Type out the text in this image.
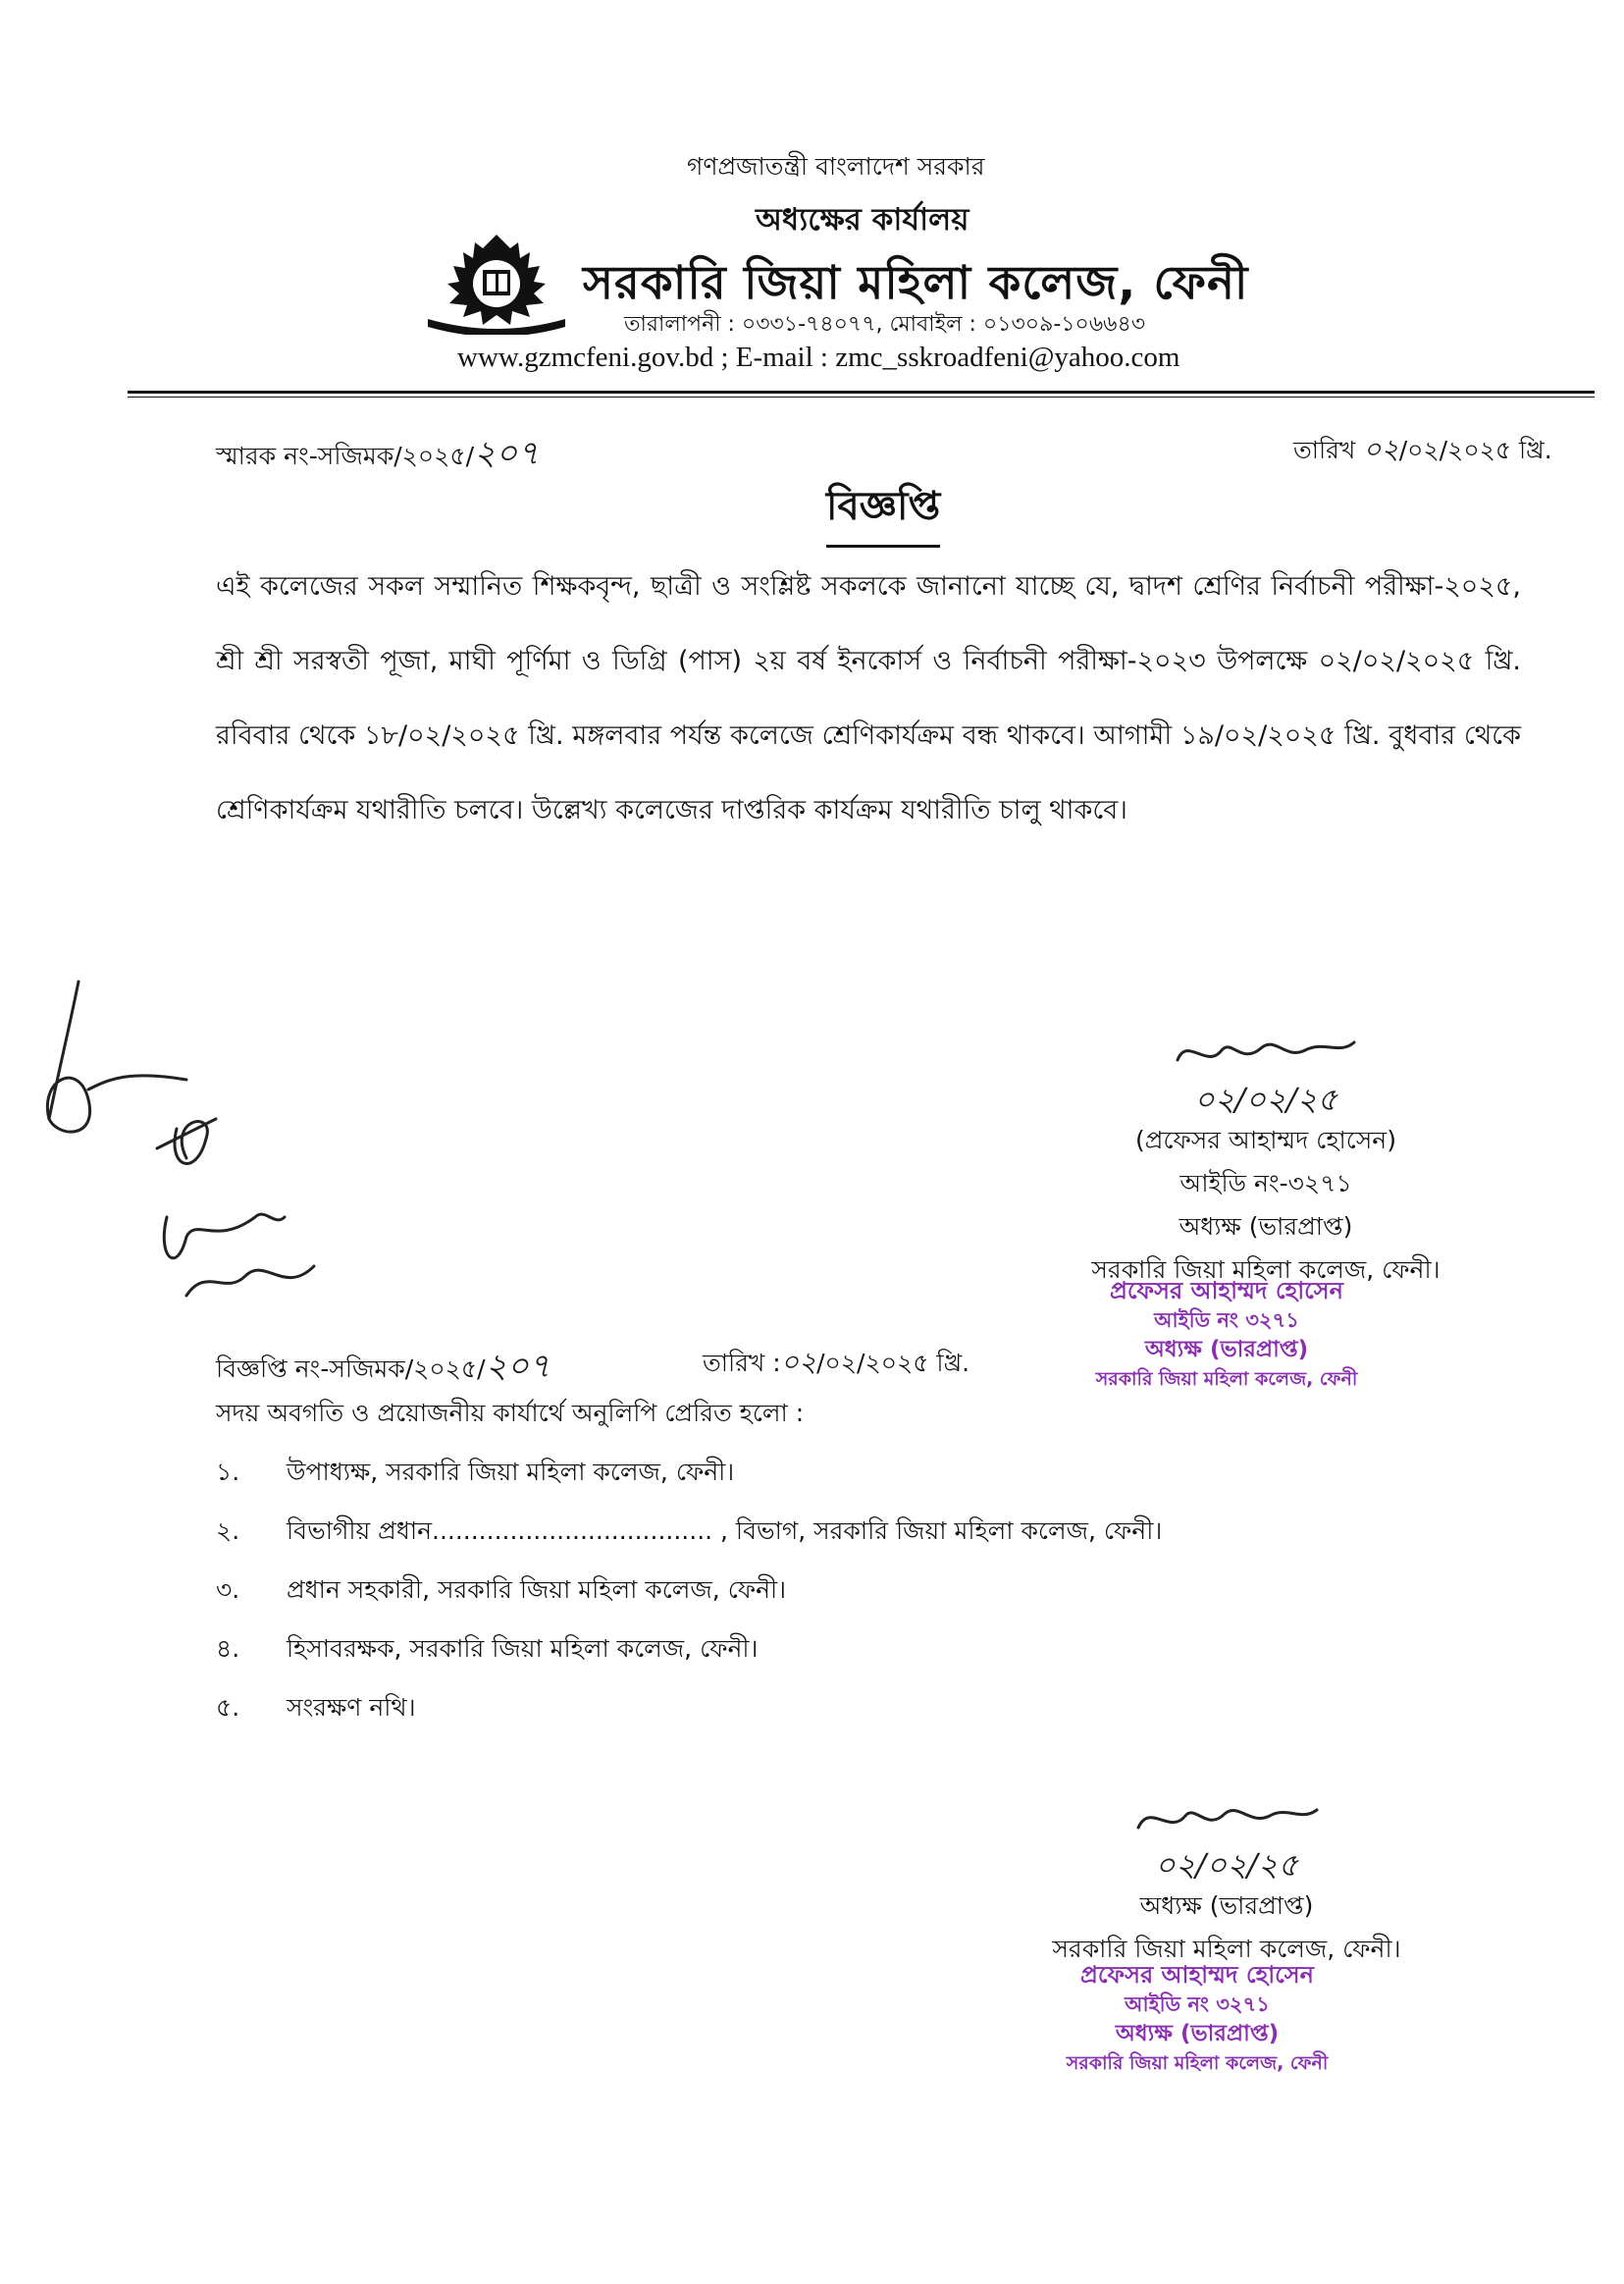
গণপ্রজাতন্ত্রী বাংলাদেশ সরকার
অধ্যক্ষের কার্যালয়
সরকারি জিয়া মহিলা কলেজ, ফেনী
তারালাপনী : ০৩৩১-৭৪০৭৭, মোবাইল : ০১৩০৯-১০৬৬৪৩
www.gzmcfeni.gov.bd ; E-mail : zmc_sskroadfeni@yahoo.com
স্মারক নং-সজিমক/২০২৫/২০৭	তারিখ ০২/০২/২০২৫ খ্রি.
বিজ্ঞপ্তি
এই কলেজের সকল সম্মানিত শিক্ষকবৃন্দ, ছাত্রী ও সংশ্লিষ্ট সকলকে জানানো যাচ্ছে যে, দ্বাদশ শ্রেণির নির্বাচনী পরীক্ষা-২০২৫, শ্রী শ্রী সরস্বতী পূজা, মাঘী পূর্ণিমা ও ডিগ্রি (পাস) ২য় বর্ষ ইনকোর্স ও নির্বাচনী পরীক্ষা-২০২৩ উপলক্ষে ০২/০২/২০২৫ খ্রি. রবিবার থেকে ১৮/০২/২০২৫ খ্রি. মঙ্গলবার পর্যন্ত কলেজে শ্রেণিকার্যক্রম বন্ধ থাকবে। আগামী ১৯/০২/২০২৫ খ্রি. বুধবার থেকে শ্রেণিকার্যক্রম যথারীতি চলবে। উল্লেখ্য কলেজের দাপ্তরিক কার্যক্রম যথারীতি চালু থাকবে।
০২/০২/২৫
(প্রফেসর আহাম্মদ হোসেন)
আইডি নং-৩২৭১
অধ্যক্ষ (ভারপ্রাপ্ত)
সরকারি জিয়া মহিলা কলেজ, ফেনী।
প্রফেসর আহাম্মদ হোসেন
আইডি নং ৩২৭১
অধ্যক্ষ (ভারপ্রাপ্ত)
সরকারি জিয়া মহিলা কলেজ, ফেনী
বিজ্ঞপ্তি নং-সজিমক/২০২৫/২০৭	তারিখ :০২/০২/২০২৫ খ্রি.
সদয় অবগতি ও প্রয়োজনীয় কার্যার্থে অনুলিপি প্রেরিত হলো :
১.	উপাধ্যক্ষ, সরকারি জিয়া মহিলা কলেজ, ফেনী।
২.	বিভাগীয় প্রধান.................................... , বিভাগ, সরকারি জিয়া মহিলা কলেজ, ফেনী।
৩.	প্রধান সহকারী, সরকারি জিয়া মহিলা কলেজ, ফেনী।
৪.	হিসাবরক্ষক, সরকারি জিয়া মহিলা কলেজ, ফেনী।
৫.	সংরক্ষণ নথি।
০২/০২/২৫
অধ্যক্ষ (ভারপ্রাপ্ত)
সরকারি জিয়া মহিলা কলেজ, ফেনী।
প্রফেসর আহাম্মদ হোসেন
আইডি নং ৩২৭১
অধ্যক্ষ (ভারপ্রাপ্ত)
সরকারি জিয়া মহিলা কলেজ, ফেনী
